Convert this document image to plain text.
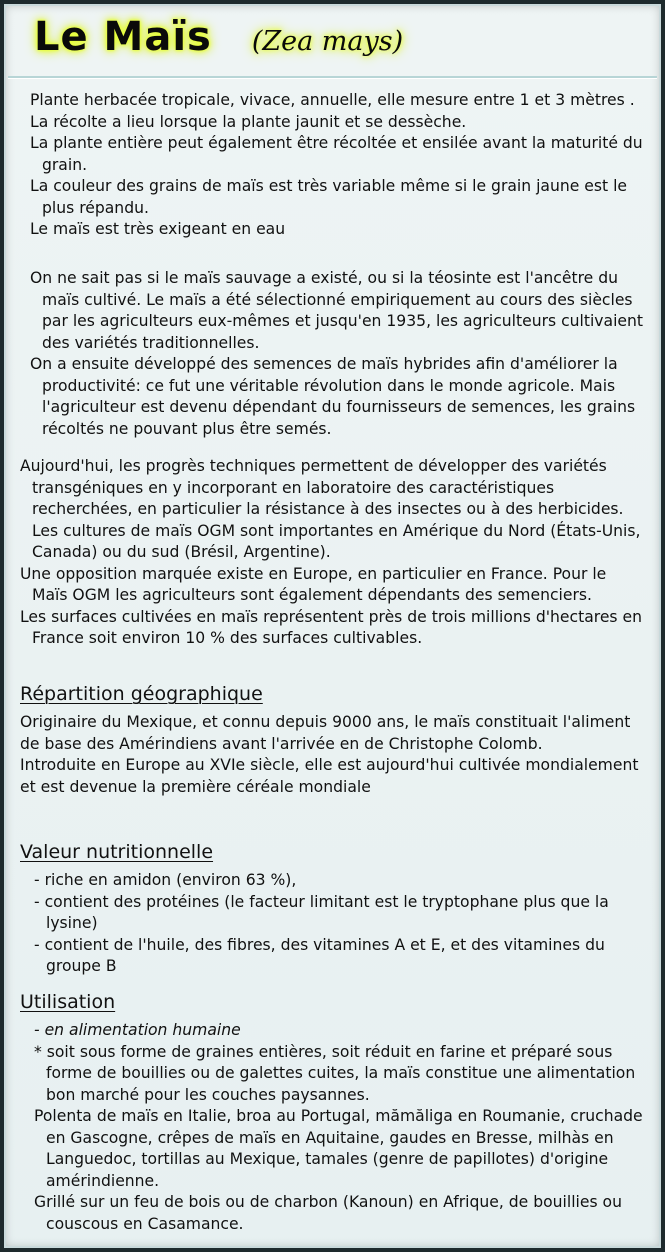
Le Maïs (Zea mays)

Plante herbacée tropicale, vivace, annuelle, elle mesure entre 1 et 3 mètres .

La récolte a lieu lorsque la plante jaunit et se dessèche.

La plante entière peut également être récoltée et ensilée avant la maturité du grain.

La couleur des grains de maïs est très variable même si le grain jaune est le plus répandu.

Le maïs est très exigeant en eau

On ne sait pas si le maïs sauvage a existé, ou si la téosinte est l'ancêtre du maïs cultivé. Le maïs a été sélectionné empiriquement au cours des siècles par les agriculteurs eux-mêmes et jusqu'en 1935, les agriculteurs cultivaient des variétés traditionnelles.

On a ensuite développé des semences de maïs hybrides afin d'améliorer la productivité: ce fut une véritable révolution dans le monde agricole. Mais l'agriculteur est devenu dépendant du fournisseurs de semences, les grains récoltés ne pouvant plus être semés.

Aujourd'hui, les progrès techniques permettent de développer des variétés transgéniques en y incorporant en laboratoire des caractéristiques recherchées, en particulier la résistance à des insectes ou à des herbicides. Les cultures de maïs OGM sont importantes en Amérique du Nord (États-Unis, Canada) ou du sud (Brésil, Argentine).

Une opposition marquée existe en Europe, en particulier en France. Pour le Maïs OGM les agriculteurs sont également dépendants des semenciers.

Les surfaces cultivées en maïs représentent près de trois millions d'hectares en France soit environ 10 % des surfaces cultivables.

Répartition géographique

Originaire du Mexique, et connu depuis 9000 ans, le maïs constituait l'aliment de base des Amérindiens avant l'arrivée en de Christophe Colomb.

Introduite en Europe au XVIe siècle, elle est aujourd'hui cultivée mondialement et est devenue la première céréale mondiale

Valeur nutritionnelle

- riche en amidon (environ 63 %),

- contient des protéines (le facteur limitant est le tryptophane plus que la lysine)

- contient de l'huile, des fibres, des vitamines A et E, et des vitamines du groupe B

Utilisation

- en alimentation humaine

* soit sous forme de graines entières, soit réduit en farine et préparé sous forme de bouillies ou de galettes cuites, la maïs constitue une alimentation bon marché pour les couches paysannes.

Polenta de maïs en Italie, broa au Portugal, mămăliga en Roumanie, cruchade en Gascogne, crêpes de maïs en Aquitaine, gaudes en Bresse, milhàs en Languedoc, tortillas au Mexique, tamales (genre de papillotes) d'origine amérindienne.

Grillé sur un feu de bois ou de charbon (Kanoun) en Afrique, de bouillies ou couscous en Casamance.
